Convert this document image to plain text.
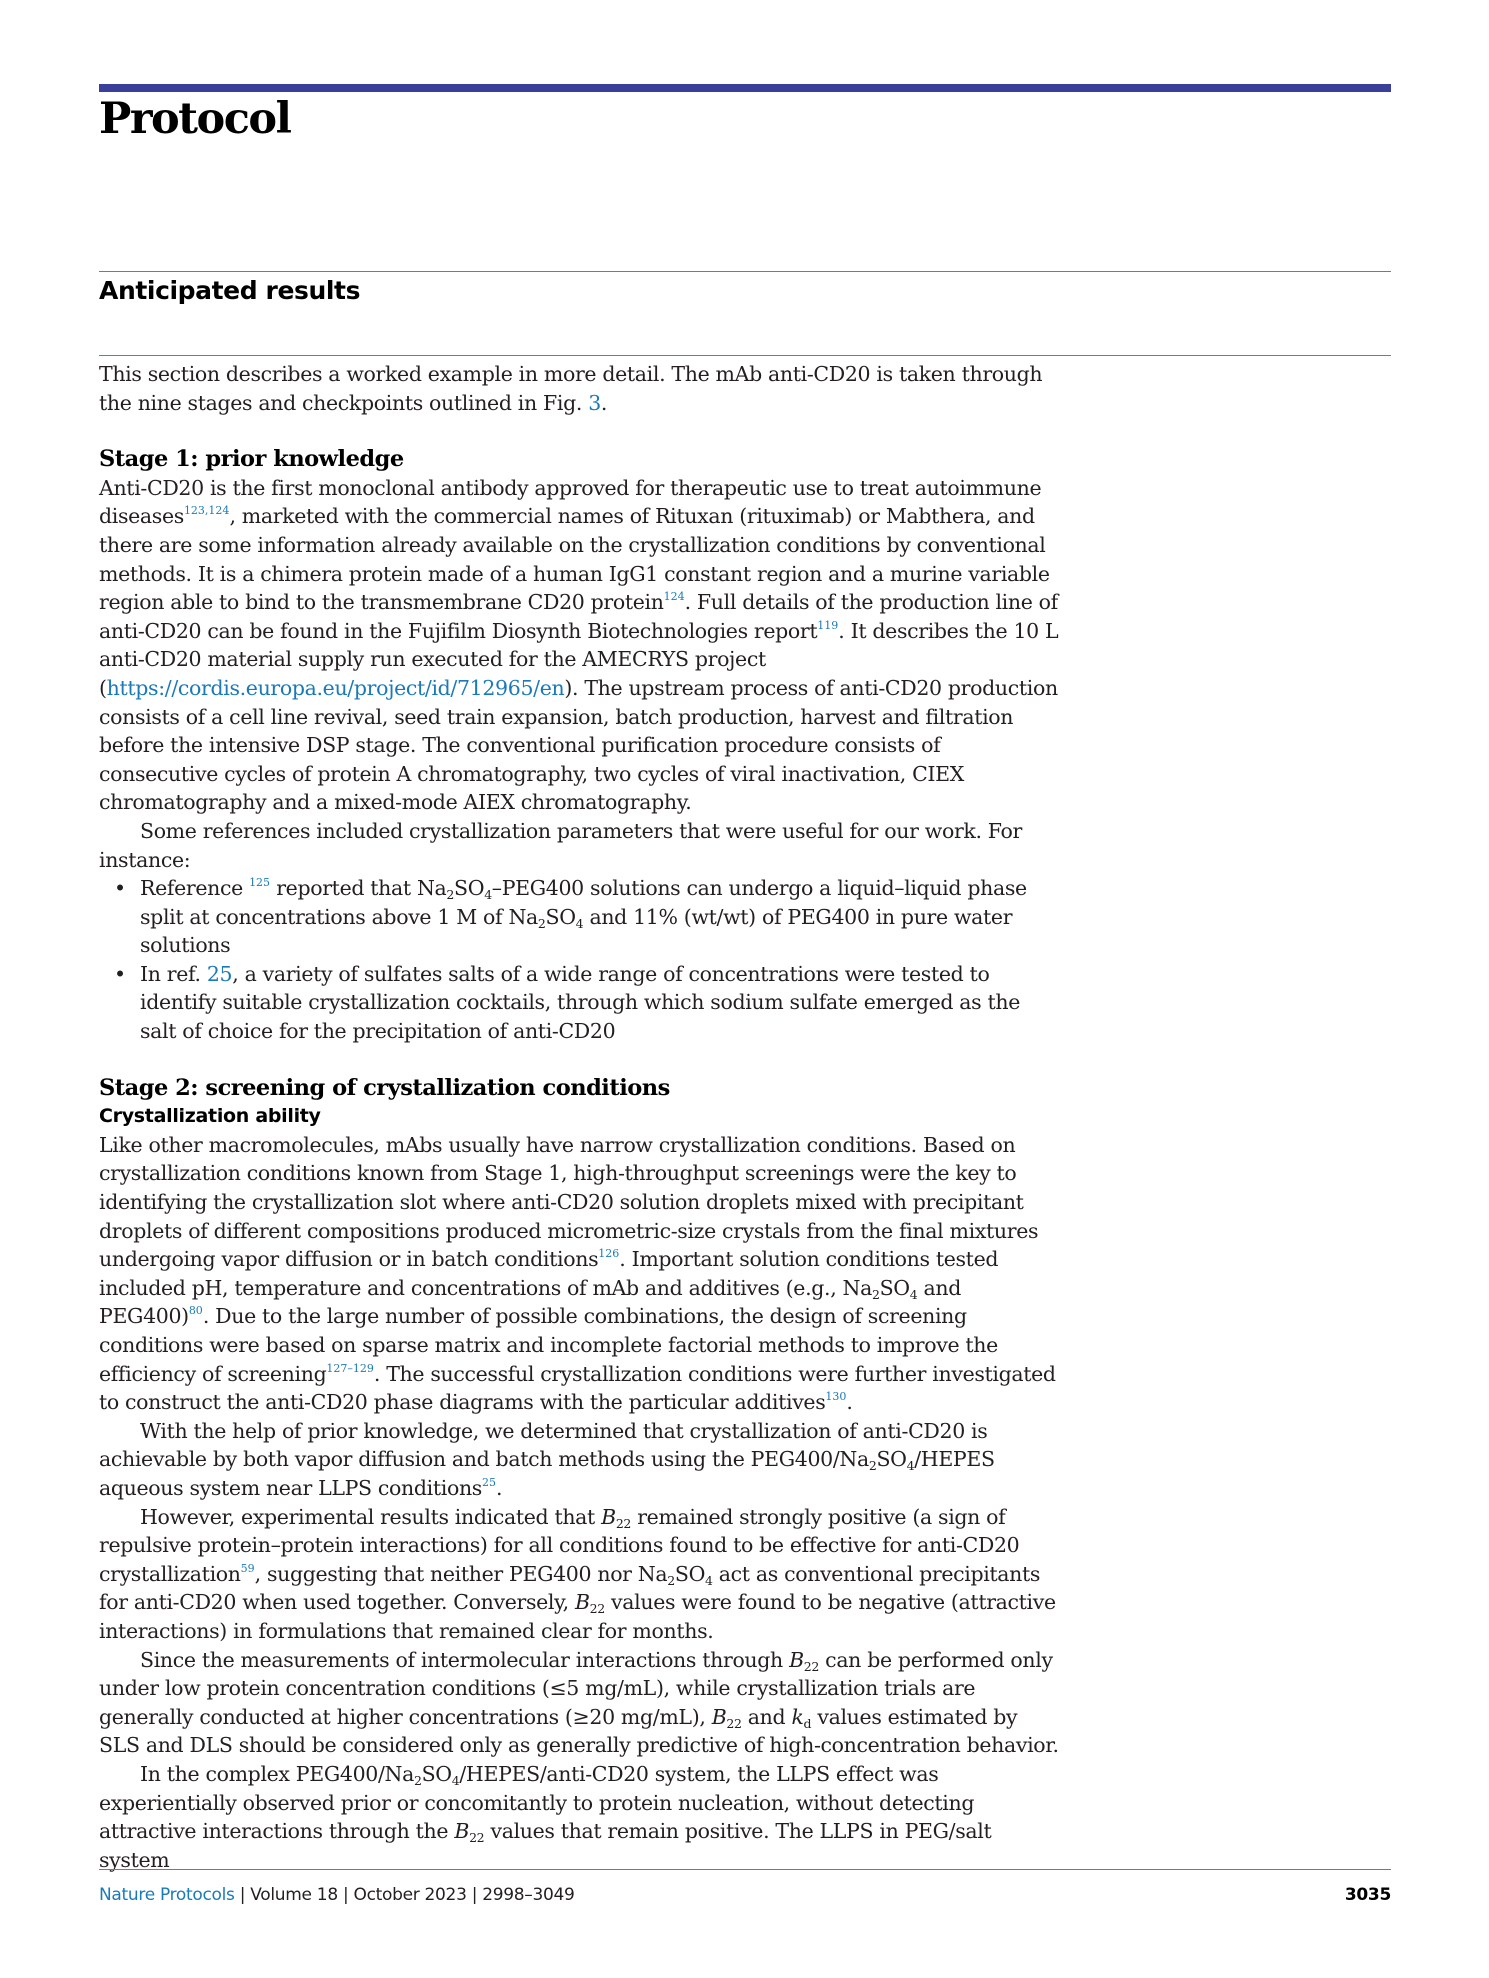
Protocol
Anticipated results

This section describes a worked example in more detail. The mAb anti-CD20 is taken through the nine stages and checkpoints outlined in Fig. 3.

Stage 1: prior knowledge

Anti-CD20 is the first monoclonal antibody approved for therapeutic use to treat autoimmune diseases$^{123,124}$, marketed with the commercial names of Rituxan (rituximab) or Mabthera, and there are some information already available on the crystallization conditions by conventional methods. It is a chimera protein made of a human IgG1 constant region and a murine variable region able to bind to the transmembrane CD20 protein$^{124}$. Full details of the production line of anti-CD20 can be found in the Fujifilm Diosynth Biotechnologies report$^{119}$. It describes the 10 L anti-CD20 material supply run executed for the AMECRYS project (https://cordis.europa.eu/project/id/712965/en). The upstream process of anti-CD20 production consists of a cell line revival, seed train expansion, batch production, harvest and filtration before the intensive DSP stage. The conventional purification procedure consists of consecutive cycles of protein A chromatography, two cycles of viral inactivation, CIEX chromatography and a mixed-mode AIEX chromatography.

Some references included crystallization parameters that were useful for our work. For instance:

• Reference $^{125}$ reported that $Na_2SO_4-PEG400$ solutions can undergo a liquid–liquid phase split at concentrations above 1 M of $Na_2SO_4$ and 11% (wt/wt) of PEG400 in pure water solutions
• In ref. 25, a variety of sulfates salts of a wide range of concentrations were tested to identify suitable crystallization cocktails, through which sodium sulfate emerged as the salt of choice for the precipitation of anti-CD20
Stage 2: screening of crystallization conditions
Crystallization ability

Like other macromolecules, mAbs usually have narrow crystallization conditions. Based on crystallization conditions known from Stage 1, high-throughput screenings were the key to identifying the crystallization slot where anti-CD20 solution droplets mixed with precipitant droplets of different compositions produced micrometric-size crystals from the final mixtures undergoing vapor diffusion or in batch conditions$^{126}$. Important solution conditions tested included pH, temperature and concentrations of mAb and additives (e.g., $Na_2SO_4$ and PEG400)$^{80}$. Due to the large number of possible combinations, the design of screening conditions were based on sparse matrix and incomplete factorial methods to improve the efficiency of screening$^{127-129}$. The successful crystallization conditions were further investigated to construct the anti-CD20 phase diagrams with the particular additives$^{130}$.

With the help of prior knowledge, we determined that crystallization of anti-CD20 is achievable by both vapor diffusion and batch methods using the $PEG400/Na_2SO_4$/HEPES aqueous system near LLPS conditions$^{25}$.

However, experimental results indicated that $B_{22}$ remained strongly positive (a sign of repulsive protein–protein interactions) for all conditions found to be effective for anti-CD20 crystallization$^{59}$, suggesting that neither PEG400 nor $Na_2SO_4$ act as conventional precipitants for anti-CD20 when used together. Conversely, $B_{22}$ values were found to be negative (attractive interactions) in formulations that remained clear for months.

Since the measurements of intermolecular interactions through $B_{22}$ can be performed only under low protein concentration conditions (≤5 mg/mL), while crystallization trials are generally conducted at higher concentrations (≥20 mg/mL), $B_{22}$ and $k_d$ values estimated by SLS and DLS should be considered only as generally predictive of high-concentration behavior.

In the complex $PEG400/Na_2SO_4/HEPES/anti-CD20$ system, the LLPS effect was experientially observed prior or concomitantly to protein nucleation, without detecting attractive interactions through the $B_{22}$ values that remain positive. The LLPS in PEG/salt system

Nature Protocols | Volume 18 | October 2023 | 2998–3049	3035
